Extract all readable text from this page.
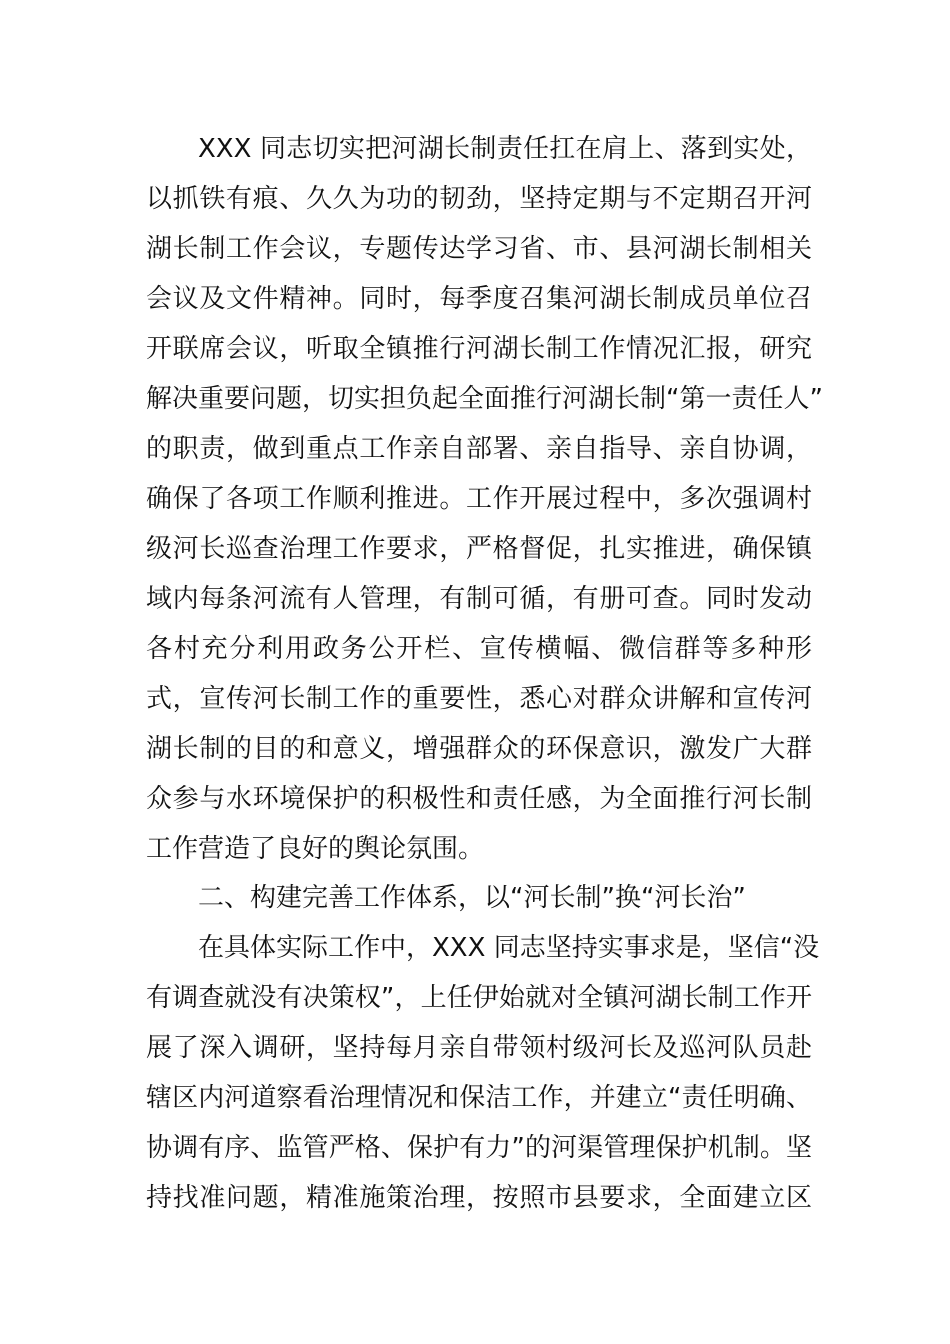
XXX 同志切实把河湖长制责任扛在肩上、落到实处，
以抓铁有痕、久久为功的韧劲，坚持定期与不定期召开河
湖长制工作会议，专题传达学习省、市、县河湖长制相关
会议及文件精神。同时，每季度召集河湖长制成员单位召
开联席会议，听取全镇推行河湖长制工作情况汇报，研究
解决重要问题，切实担负起全面推行河湖长制“第一责任人”
的职责，做到重点工作亲自部署、亲自指导、亲自协调，
确保了各项工作顺利推进。工作开展过程中，多次强调村
级河长巡查治理工作要求，严格督促，扎实推进，确保镇
域内每条河流有人管理，有制可循，有册可查。同时发动
各村充分利用政务公开栏、宣传横幅、微信群等多种形
式，宣传河长制工作的重要性，悉心对群众讲解和宣传河
湖长制的目的和意义，增强群众的环保意识，激发广大群
众参与水环境保护的积极性和责任感，为全面推行河长制
工作营造了良好的舆论氛围。
二、构建完善工作体系，以“河长制”换“河长治”
在具体实际工作中，XXX 同志坚持实事求是，坚信“没
有调查就没有决策权”，上任伊始就对全镇河湖长制工作开
展了深入调研，坚持每月亲自带领村级河长及巡河队员赴
辖区内河道察看治理情况和保洁工作，并建立“责任明确、
协调有序、监管严格、保护有力”的河渠管理保护机制。坚
持找准问题，精准施策治理，按照市县要求，全面建立区
